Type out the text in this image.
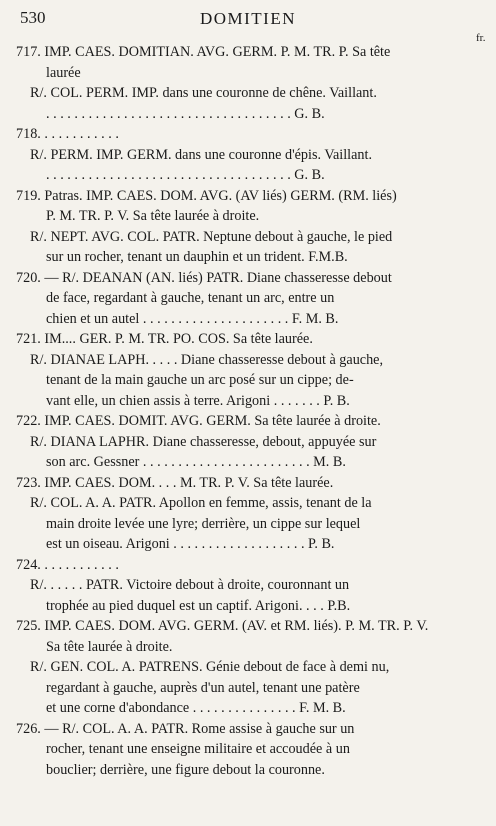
530	DOMITIEN
fr.
717. IMP. CAES. DOMITIAN. AVG. GERM. P. M. TR. P. Sa tête
laurée
R/. COL. PERM. IMP. dans une couronne de chêne. Vaillant.
. . . . . . . . . . . . . . . . . . . . . . . . . . . . . . . . . . . G. B.
718. . . . . . . . . . . .
R/. PERM. IMP. GERM. dans une couronne d'épis. Vaillant.
. . . . . . . . . . . . . . . . . . . . . . . . . . . . . . . . . . . G. B.
719. Patras. IMP. CAES. DOM. AVG. (AV liés) GERM. (RM. liés)
P. M. TR. P. V. Sa tête laurée à droite.
R/. NEPT. AVG. COL. PATR. Neptune debout à gauche, le pied
sur un rocher, tenant un dauphin et un trident. F.M.B.
720. — R/. DEANAN (AN. liés) PATR. Diane chasseresse debout
de face, regardant à gauche, tenant un arc, entre un
chien et un autel . . . . . . . . . . . . . . . . . . . . . F. M. B.
721. IM.... GER. P. M. TR. PO. COS. Sa tête laurée.
R/. DIANAE LAPH. . . . . Diane chasseresse debout à gauche,
tenant de la main gauche un arc posé sur un cippe; de-
vant elle, un chien assis à terre. Arigoni . . . . . . . P. B.
722. IMP. CAES. DOMIT. AVG. GERM. Sa tête laurée à droite.
R/. DIANA LAPHR. Diane chasseresse, debout, appuyée sur
son arc. Gessner . . . . . . . . . . . . . . . . . . . . . . . . M. B.
723. IMP. CAES. DOM. . . . M. TR. P. V. Sa tête laurée.
R/. COL. A. A. PATR. Apollon en femme, assis, tenant de la
main droite levée une lyre; derrière, un cippe sur lequel
est un oiseau. Arigoni . . . . . . . . . . . . . . . . . . . P. B.
724. . . . . . . . . . . .
R/. . . . . . PATR. Victoire debout à droite, couronnant un
trophée au pied duquel est un captif. Arigoni. . . . P.B.
725. IMP. CAES. DOM. AVG. GERM. (AV. et RM. liés). P. M. TR. P. V.
Sa tête laurée à droite.
R/. GEN. COL. A. PATRENS. Génie debout de face à demi nu,
regardant à gauche, auprès d'un autel, tenant une patère
et une corne d'abondance . . . . . . . . . . . . . . . F. M. B.
726. — R/. COL. A. A. PATR. Rome assise à gauche sur un
rocher, tenant une enseigne militaire et accoudée à un
bouclier; derrière, une figure debout la couronne.
